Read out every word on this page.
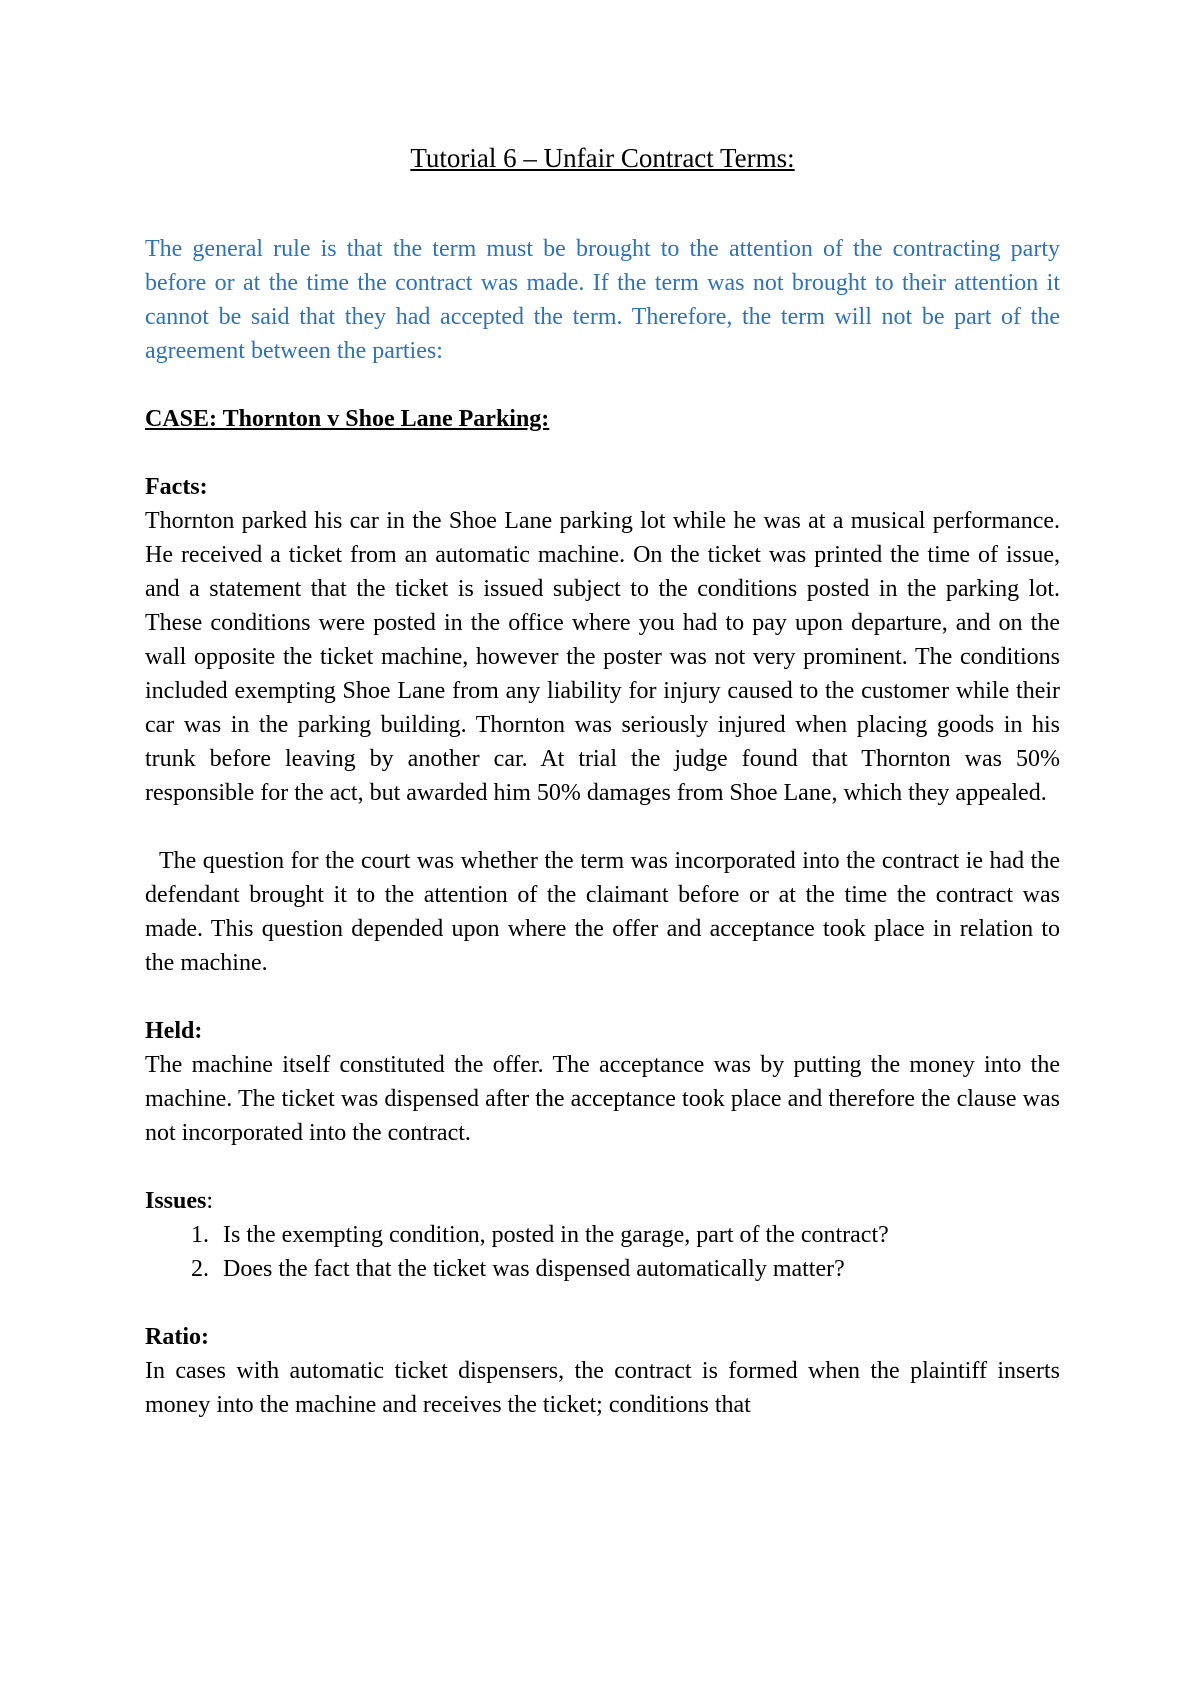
Tutorial 6 – Unfair Contract Terms:

The general rule is that the term must be brought to the attention of the contracting party before or at the time the contract was made. If the term was not brought to their attention it cannot be said that they had accepted the term. Therefore, the term will not be part of the agreement between the parties:

CASE: Thornton v Shoe Lane Parking:
Facts:

Thornton parked his car in the Shoe Lane parking lot while he was at a musical performance. He received a ticket from an automatic machine. On the ticket was printed the time of issue, and a statement that the ticket is issued subject to the conditions posted in the parking lot. These conditions were posted in the office where you had to pay upon departure, and on the wall opposite the ticket machine, however the poster was not very prominent. The conditions included exempting Shoe Lane from any liability for injury caused to the customer while their car was in the parking building. Thornton was seriously injured when placing goods in his trunk before leaving by another car. At trial the judge found that Thornton was 50% responsible for the act, but awarded him 50% damages from Shoe Lane, which they appealed.

The question for the court was whether the term was incorporated into the contract ie had the defendant brought it to the attention of the claimant before or at the time the contract was made. This question depended upon where the offer and acceptance took place in relation to the machine.

Held:

The machine itself constituted the offer. The acceptance was by putting the money into the machine. The ticket was dispensed after the acceptance took place and therefore the clause was not incorporated into the contract.

Issues:
1. Is the exempting condition, posted in the garage, part of the contract?
2. Does the fact that the ticket was dispensed automatically matter?
Ratio:

In cases with automatic ticket dispensers, the contract is formed when the plaintiff inserts money into the machine and receives the ticket; conditions that
